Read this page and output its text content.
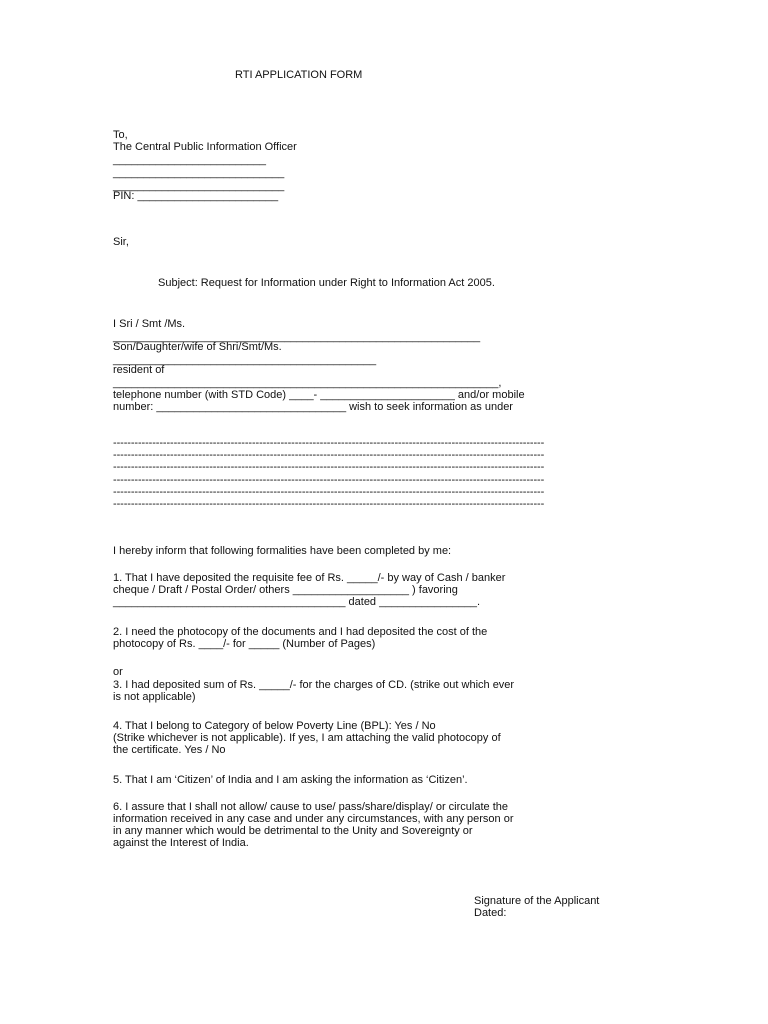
RTI APPLICATION FORM
To,
The Central Public Information Officer
_________________________
____________________________
____________________________
PIN: _______________________
Sir,
Subject: Request for Information under Right to Information Act 2005.
I Sri / Smt /Ms.
____________________________________________________________
Son/Daughter/wife of Shri/Smt/Ms.
___________________________________________
resident of
_______________________________________________________________,
telephone number (with STD Code) ____- ______________________ and/or mobile
number: _______________________________ wish to seek information as under
-------------------------------------------------------------------------------------------------------------------------
-------------------------------------------------------------------------------------------------------------------------
-------------------------------------------------------------------------------------------------------------------------
-------------------------------------------------------------------------------------------------------------------------
-------------------------------------------------------------------------------------------------------------------------
-------------------------------------------------------------------------------------------------------------------------
I hereby inform that following formalities have been completed by me:
1. That I have deposited the requisite fee of Rs. _____/- by way of Cash / banker
cheque / Draft / Postal Order/ others ___________________ ) favoring
______________________________________ dated ________________.
2. I need the photocopy of the documents and I had deposited the cost of the
photocopy of Rs. ____/- for _____ (Number of Pages)
or
3. I had deposited sum of Rs. _____/- for the charges of CD. (strike out which ever
is not applicable)
4. That I belong to Category of below Poverty Line (BPL): Yes / No
(Strike whichever is not applicable). If yes, I am attaching the valid photocopy of
the certificate. Yes / No
5. That I am ‘Citizen’ of India and I am asking the information as ‘Citizen’.
6. I assure that I shall not allow/ cause to use/ pass/share/display/ or circulate the
information received in any case and under any circumstances, with any person or
in any manner which would be detrimental to the Unity and Sovereignty or
against the Interest of India.
Signature of the Applicant
Dated:
